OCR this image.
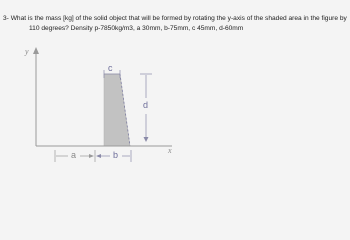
3- What is the mass [kg] of the solid object that will be formed by rotating the y-axis of the shaded area in the figure by
110 degrees? Density p-7850kg/m3, a 30mm, b-75mm, c 45mm, d-60mm
y
x
c
d
a	b
